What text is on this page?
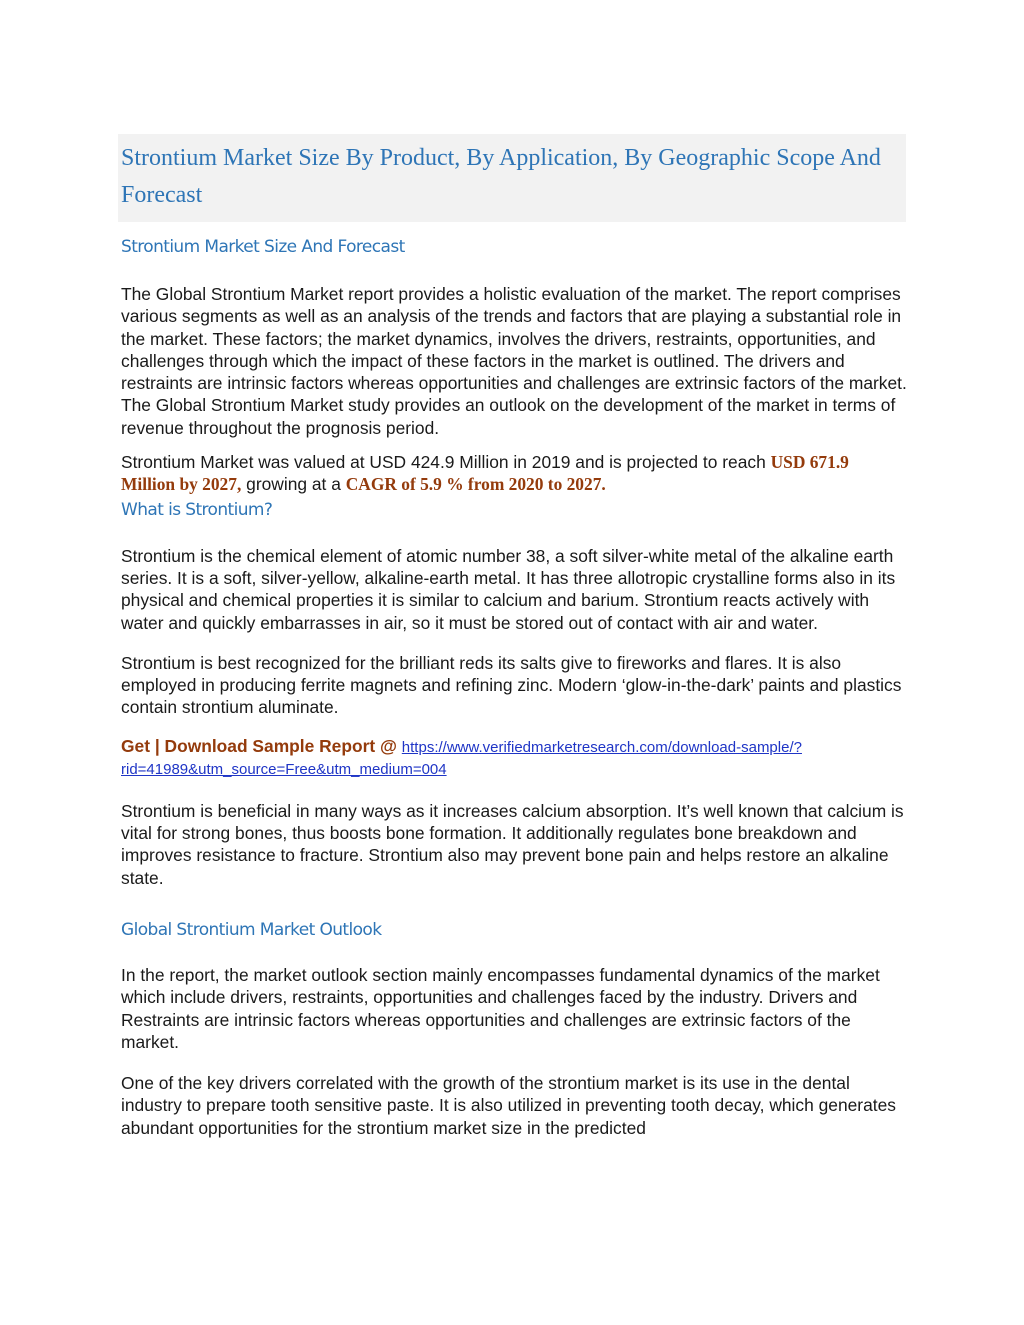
Strontium Market Size By Product, By Application, By Geographic Scope And Forecast
Strontium Market Size And Forecast

The Global Strontium Market report provides a holistic evaluation of the market. The report comprises various segments as well as an analysis of the trends and factors that are playing a substantial role in the market. These factors; the market dynamics, involves the drivers, restraints, opportunities, and challenges through which the impact of these factors in the market is outlined. The drivers and restraints are intrinsic factors whereas opportunities and challenges are extrinsic factors of the market. The Global Strontium Market study provides an outlook on the development of the market in terms of revenue throughout the prognosis period.

Strontium Market was valued at USD 424.9 Million in 2019 and is projected to reach USD 671.9 Million by 2027, growing at a CAGR of 5.9 % from 2020 to 2027.

What is Strontium?

Strontium is the chemical element of atomic number 38, a soft silver-white metal of the alkaline earth series. It is a soft, silver-yellow, alkaline-earth metal. It has three allotropic crystalline forms also in its physical and chemical properties it is similar to calcium and barium. Strontium reacts actively with water and quickly embarrasses in air, so it must be stored out of contact with air and water.

Strontium is best recognized for the brilliant reds its salts give to fireworks and flares. It is also employed in producing ferrite magnets and refining zinc. Modern ‘glow-in-the-dark’ paints and plastics contain strontium aluminate.

Get | Download Sample Report @ https://www.verifiedmarketresearch.com/download-sample/?rid=41989&utm_source=Free&utm_medium=004

Strontium is beneficial in many ways as it increases calcium absorption. It’s well known that calcium is vital for strong bones, thus boosts bone formation. It additionally regulates bone breakdown and improves resistance to fracture. Strontium also may prevent bone pain and helps restore an alkaline state.

Global Strontium Market Outlook

In the report, the market outlook section mainly encompasses fundamental dynamics of the market which include drivers, restraints, opportunities and challenges faced by the industry. Drivers and Restraints are intrinsic factors whereas opportunities and challenges are extrinsic factors of the market.

One of the key drivers correlated with the growth of the strontium market is its use in the dental industry to prepare tooth sensitive paste. It is also utilized in preventing tooth decay, which generates abundant opportunities for the strontium market size in the predicted
